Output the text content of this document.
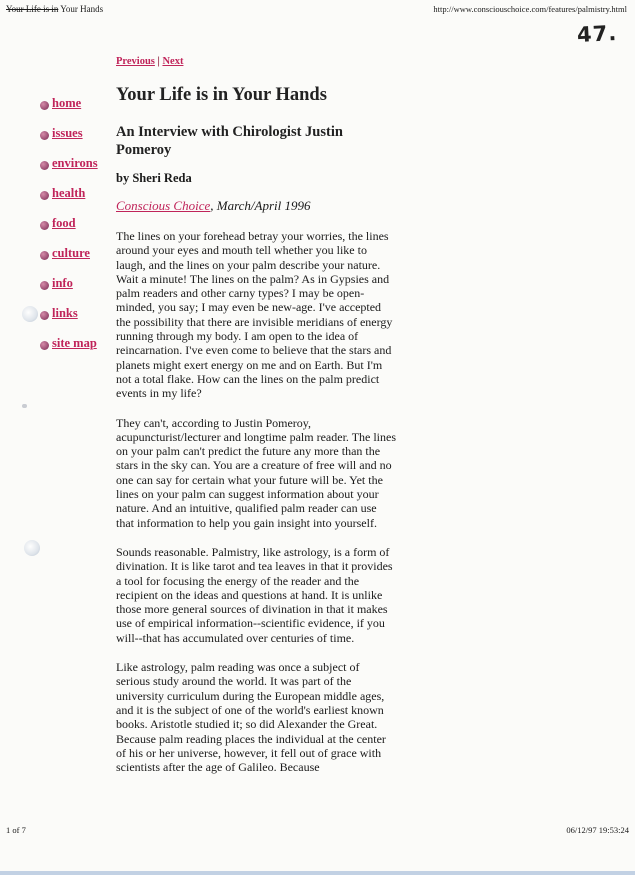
Your Life is in Your Hands	http://www.consciouschoice.com/features/palmistry.html
47.
Previous | Next
home
issues
environs
health
food
culture
info
links
site map
Your Life is in Your Hands
An Interview with Chirologist Justin Pomeroy
by Sheri Reda
Conscious Choice, March/April 1996

The lines on your forehead betray your worries, the lines around your eyes and mouth tell whether you like to laugh, and the lines on your palm describe your nature. Wait a minute! The lines on the palm? As in Gypsies and palm readers and other carny types? I may be open-minded, you say; I may even be new-age. I've accepted the possibility that there are invisible meridians of energy running through my body. I am open to the idea of reincarnation. I've even come to believe that the stars and planets might exert energy on me and on Earth. But I'm not a total flake. How can the lines on the palm predict events in my life?

They can't, according to Justin Pomeroy, acupuncturist/lecturer and longtime palm reader. The lines on your palm can't predict the future any more than the stars in the sky can. You are a creature of free will and no one can say for certain what your future will be. Yet the lines on your palm can suggest information about your nature. And an intuitive, qualified palm reader can use that information to help you gain insight into yourself.

Sounds reasonable. Palmistry, like astrology, is a form of divination. It is like tarot and tea leaves in that it provides a tool for focusing the energy of the reader and the recipient on the ideas and questions at hand. It is unlike those more general sources of divination in that it makes use of empirical information--scientific evidence, if you will--that has accumulated over centuries of time.

Like astrology, palm reading was once a subject of serious study around the world. It was part of the university curriculum during the European middle ages, and it is the subject of one of the world's earliest known books. Aristotle studied it; so did Alexander the Great. Because palm reading places the individual at the center of his or her universe, however, it fell out of grace with scientists after the age of Galileo. Because

1 of 7	06/12/97 19:53:24
